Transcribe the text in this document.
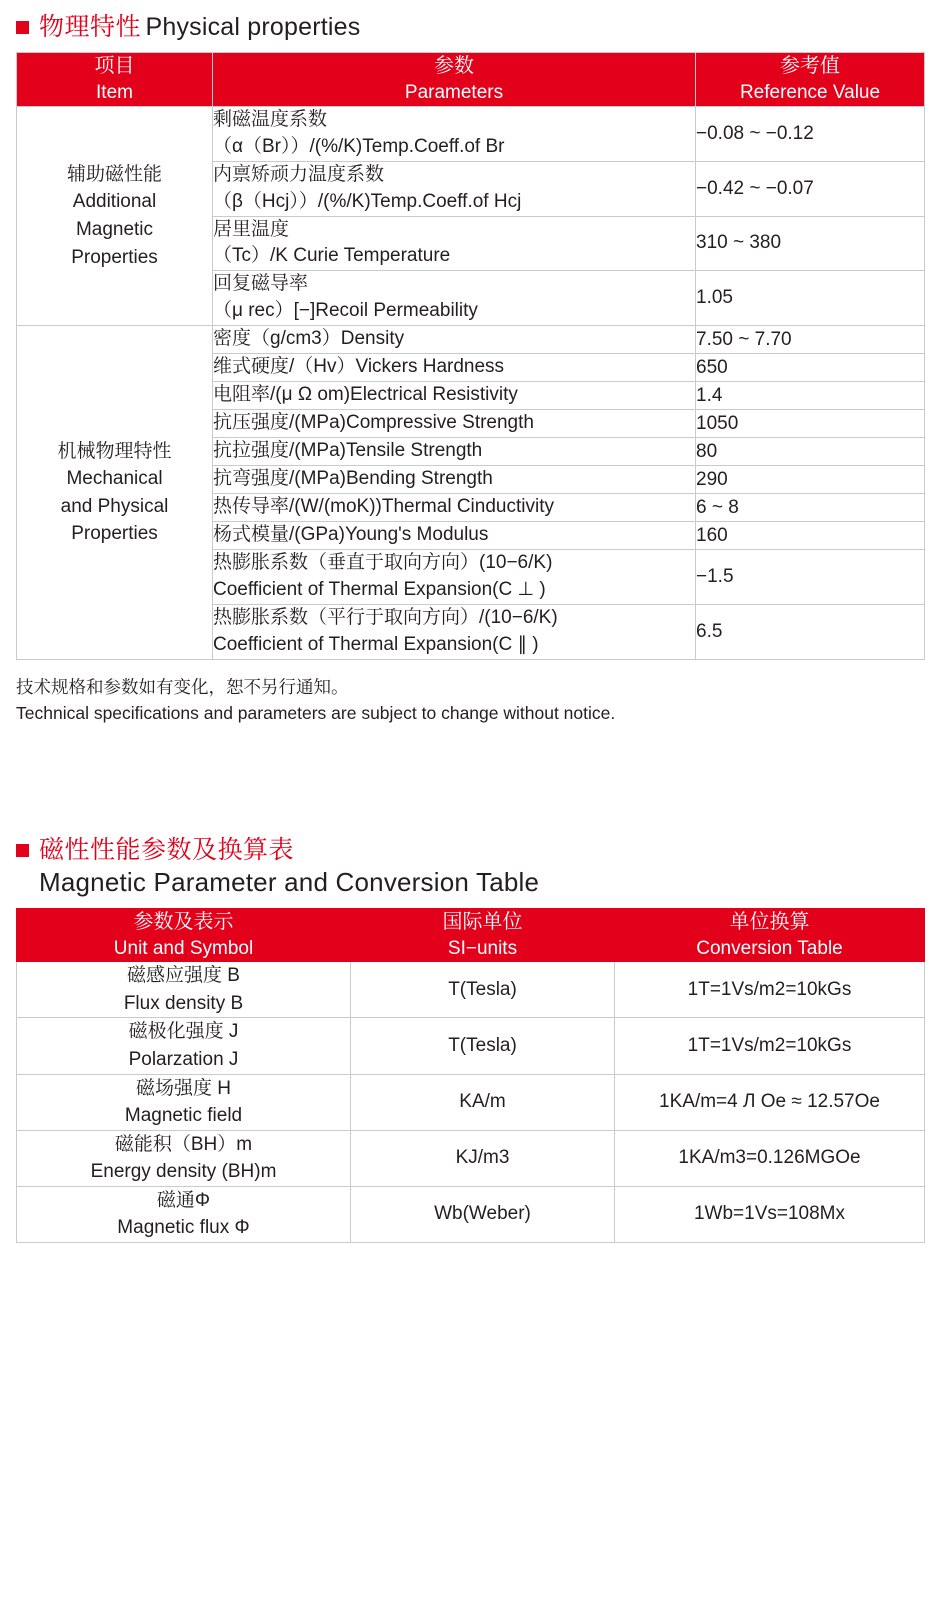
物理特性 Physical properties
项目
Item	参数
Parameters	参考值
Reference Value

辅助磁性能
Additional
Magnetic
Properties	剩磁温度系数
（α（Br））/(%/K)Temp.Coeff.of Br	−0.08 ~ −0.12

	内禀矫顽力温度系数
（β（Hcj））/(%/K)Temp.Coeff.of Hcj	−0.42 ~ −0.07

	居里温度
（Tc）/K Curie Temperature	310 ~ 380

	回复磁导率
（μ rec）[−]Recoil Permeability	1.05

机械物理特性
Mechanical
and Physical
Properties	密度（g/cm3）Density	7.50 ~ 7.70

	维式硬度/（Hv）Vickers Hardness	650

	电阻率/(μ Ω om)Electrical Resistivity	1.4

	抗压强度/(MPa)Compressive Strength	1050

	抗拉强度/(MPa)Tensile Strength	80

	抗弯强度/(MPa)Bending Strength	290

	热传导率/(W/(moK))Thermal Cinductivity	6 ~ 8

	杨式模量/(GPa)Young's Modulus	160

	热膨胀系数（垂直于取向方向）(10−6/K)
Coefficient of Thermal Expansion(C ⊥ )	−1.5

	热膨胀系数（平行于取向方向）/(10−6/K)
Coefficient of Thermal Expansion(C ∥ )	6.5
技术规格和参数如有变化，恕不另行通知。
Technical specifications and parameters are subject to change without notice.
磁性性能参数及换算表
Magnetic Parameter and Conversion Table
参数及表示
Unit and Symbol	国际单位
SI−units	单位换算
Conversion Table

磁感应强度 B
Flux density B	T(Tesla)	1T=1Vs/m2=10kGs

磁极化强度 J
Polarzation J	T(Tesla)	1T=1Vs/m2=10kGs

磁场强度 H
Magnetic field	KA/m	1KA/m=4 Л Oe ≈ 12.57Oe

磁能积（BH）m
Energy density (BH)m	KJ/m3	1KA/m3=0.126MGOe

磁通Φ
Magnetic flux Φ	Wb(Weber)	1Wb=1Vs=108Mx
